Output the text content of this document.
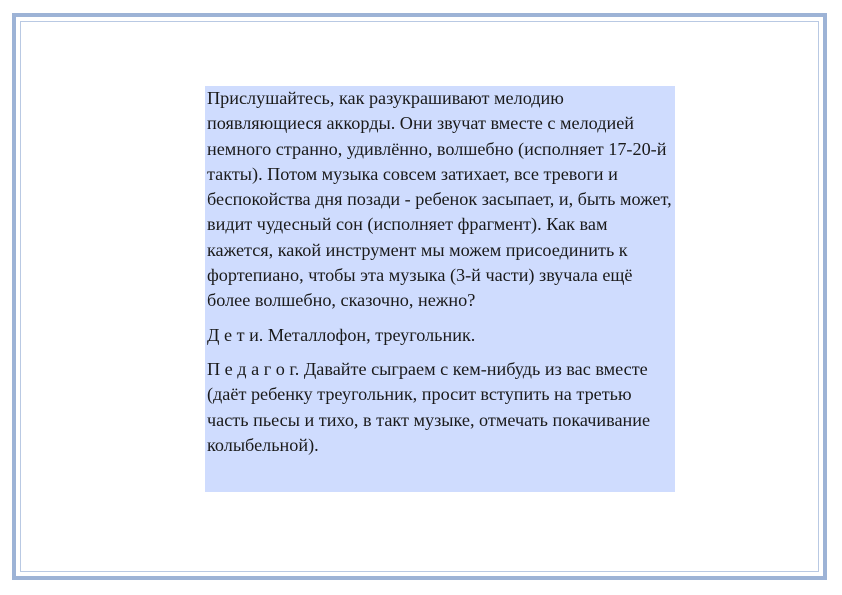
Прислушайтесь, как разукрашивают мелодию появляющиеся аккорды. Они звучат вместе с мелодией немного странно, удивлённо, волшебно (исполняет 17-20-й такты). Потом музыка совсем затихает, все тревоги и беспокойства дня позади - ребенок засыпает, и, быть может, видит чудесный сон (исполняет фрагмент). Как вам кажется, какой инструмент мы можем присоединить к фортепиано, чтобы эта музыка (3-й части) звучала ещё более волшебно, сказочно, нежно?

Д е т и. Металлофон, треугольник.

П е д а г о г. Давайте сыграем с кем-нибудь из вас вместе (даёт ребенку треугольник, просит вступить на третью часть пьесы и тихо, в такт музыке, отмечать покачивание колыбельной).
